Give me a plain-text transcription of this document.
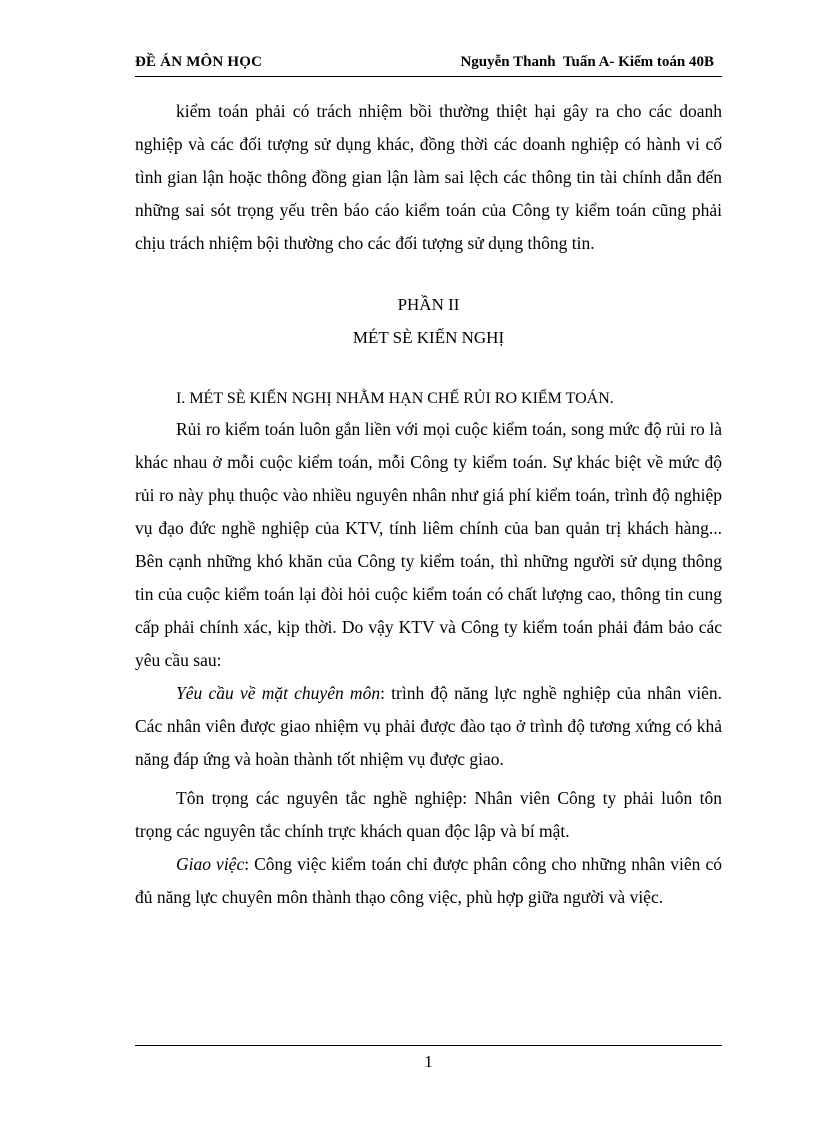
ĐỀ ÁN MÔN HỌC	Nguyễn Thanh  Tuấn A- Kiểm toán 40B

kiểm toán phải có trách nhiệm bồi thường thiệt hại gây ra cho các doanh nghiệp và các đối tượng sử dụng khác, đồng thời các doanh nghiệp có hành vi cố tình gian lận hoặc thông đồng gian lận làm sai lệch các thông tin tài chính dẫn đến những sai sót trọng yếu trên báo cáo kiểm toán của Công ty kiểm toán cũng phải chịu trách nhiệm bội thường cho các đối tượng sử dụng thông tin.

PHẦN II
MÉT SÈ KIẾN NGHỊ
I. MÉT SÈ KIẾN NGHỊ NHẰM HẠN CHẾ RỦI RO KIỂM TOÁN.

Rủi ro kiểm toán luôn gắn liền với mọi cuộc kiểm toán, song mức độ rủi ro là khác nhau ở mỗi cuộc kiểm toán, mỗi Công ty kiểm toán. Sự khác biệt về mức độ rủi ro này phụ thuộc vào nhiều nguyên nhân như giá phí kiểm toán, trình độ nghiệp vụ đạo đức nghề nghiệp của KTV, tính liêm chính của ban quản trị khách hàng... Bên cạnh những khó khăn của Công ty kiểm toán, thì những người sử dụng thông tin của cuộc kiểm toán lại đòi hỏi cuộc kiểm toán có chất lượng cao, thông tin cung cấp phải chính xác, kịp thời. Do vậy KTV và Công ty kiểm toán phải đảm bảo các yêu cầu sau:

Yêu cầu về mặt chuyên môn: trình độ năng lực nghề nghiệp của nhân viên. Các nhân viên được giao nhiệm vụ phải được đào tạo ở trình độ tương xứng có khả năng đáp ứng và hoàn thành tốt nhiệm vụ được giao.

Tôn trọng các nguyên tắc nghề nghiệp: Nhân viên Công ty phải luôn tôn trọng các nguyên tắc chính trực khách quan độc lập và bí mật.

Giao việc: Công việc kiểm toán chỉ được phân công cho những nhân viên có đủ năng lực chuyên môn thành thạo công việc, phù hợp giữa người và việc.

1
